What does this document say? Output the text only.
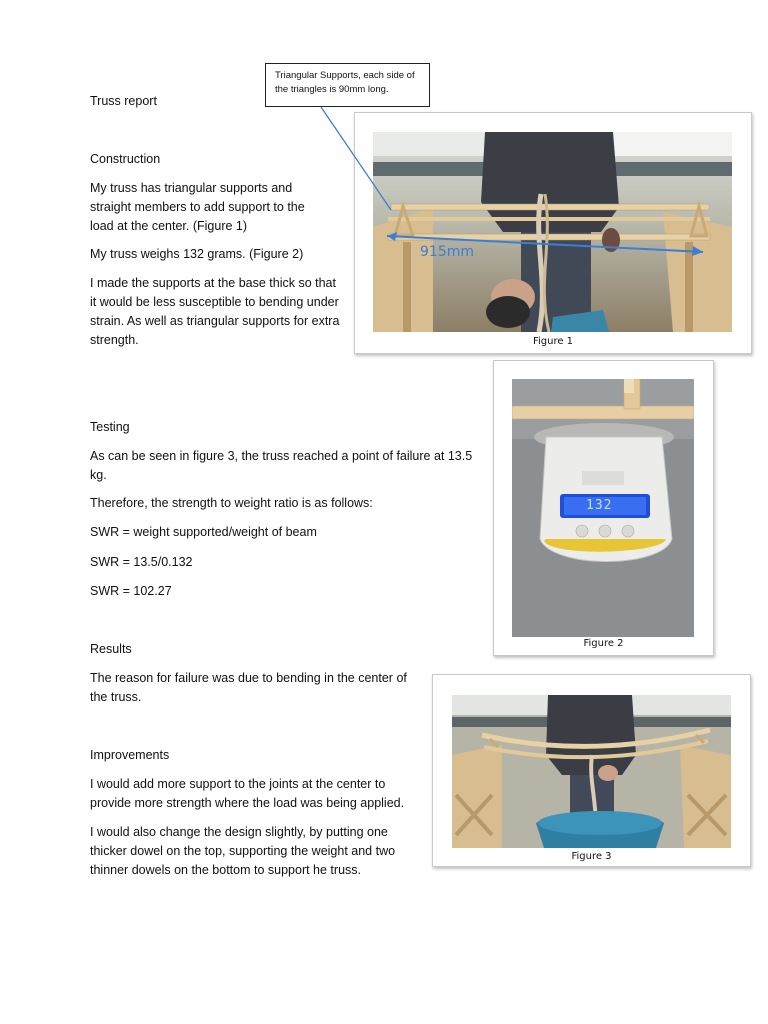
Truss report

Construction

My truss has triangular supports and straight members to add support to the load at the center. (Figure 1)

My truss weighs 132 grams. (Figure 2)

I made the supports at the base thick so that it would be less susceptible to bending under strain. As well as triangular supports for extra strength.

Testing

As can be seen in figure 3, the truss reached a point of failure at 13.5 kg.

Therefore, the strength to weight ratio is as follows:

SWR = weight supported/weight of beam

SWR = 13.5/0.132

SWR = 102.27

Results

The reason for failure was due to bending in the center of the truss.

Improvements

I would add more support to the joints at the center to provide more strength where the load was being applied.

I would also change the design slightly, by putting one thicker dowel on the top, supporting the weight and two thinner dowels on the bottom to support he truss.

Triangular Supports, each side of the triangles is 90mm long.
915mm
Figure 1
132
Figure 2
Figure 3
